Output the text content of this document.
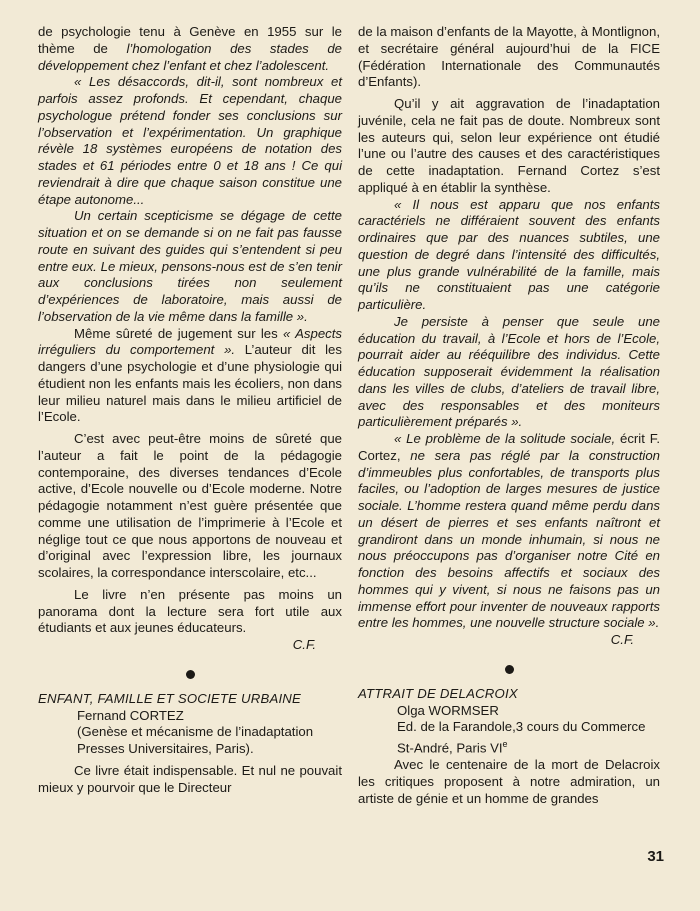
de psychologie tenu à Genève en 1955 sur le thème de l’homologation des stades de développement chez l’enfant et chez l’adolescent.

« Les désaccords, dit-il, sont nombreux et parfois assez profonds. Et cependant, chaque psychologue prétend fonder ses conclusions sur l’observation et l’expérimentation. Un graphique révèle 18 systèmes européens de notation des stades et 61 périodes entre 0 et 18 ans ! Ce qui reviendrait à dire que chaque saison constitue une étape autonome...

Un certain scepticisme se dégage de cette situation et on se demande si on ne fait pas fausse route en suivant des guides qui s’entendent si peu entre eux. Le mieux, pensons-nous est de s’en tenir aux conclusions tirées non seulement d’expériences de laboratoire, mais aussi de l’observation de la vie même dans la famille ».

Même sûreté de jugement sur les « Aspects irréguliers du comportement ». L’auteur dit les dangers d’une psychologie et d’une physiologie qui étudient non les enfants mais les écoliers, non dans leur milieu naturel mais dans le milieu artificiel de l’Ecole.

C’est avec peut-être moins de sûreté que l’auteur a fait le point de la pédagogie contemporaine, des diverses tendances d’Ecole active, d’Ecole nouvelle ou d’Ecole moderne. Notre pédagogie notamment n’est guère présentée que comme une utilisation de l’imprimerie à l’Ecole et néglige tout ce que nous apportons de nouveau et d’original avec l’expression libre, les journaux scolaires, la correspondance interscolaire, etc...

Le livre n’en présente pas moins un panorama dont la lecture sera fort utile aux étudiants et aux jeunes éducateurs.

C.F.

ENFANT, FAMILLE ET SOCIETE URBAINE

Fernand CORTEZ

(Genèse et mécanisme de l’inadaptation Presses Universitaires, Paris).

Ce livre était indispensable. Et nul ne pouvait mieux y pourvoir que le Directeur

de la maison d’enfants de la Mayotte, à Montlignon, et secrétaire général aujourd’hui de la FICE (Fédération Internationale des Communautés d’Enfants).

Qu’il y ait aggravation de l’inadaptation juvénile, cela ne fait pas de doute. Nombreux sont les auteurs qui, selon leur expérience ont étudié l’une ou l’autre des causes et des caractéristiques de cette inadaptation. Fernand Cortez s’est appliqué à en établir la synthèse.

« Il nous est apparu que nos enfants caractériels ne différaient souvent des enfants ordinaires que par des nuances subtiles, une question de degré dans l’intensité des difficultés, une plus grande vulnérabilité de la famille, mais qu’ils ne constituaient pas une catégorie particulière.

Je persiste à penser que seule une éducation du travail, à l’Ecole et hors de l’Ecole, pourrait aider au rééquilibre des individus. Cette éducation supposerait évidemment la réalisation dans les villes de clubs, d’ateliers de travail libre, avec des responsables et des moniteurs particulièrement préparés ».

« Le problème de la solitude sociale, écrit F. Cortez, ne sera pas réglé par la construction d’immeubles plus confortables, de transports plus faciles, ou l’adoption de larges mesures de justice sociale. L’homme restera quand même perdu dans un désert de pierres et ses enfants naîtront et grandiront dans un monde inhumain, si nous ne nous préoccupons pas d’organiser notre Cité en fonction des besoins affectifs et sociaux des hommes qui y vivent, si nous ne faisons pas un immense effort pour inventer de nouveaux rapports entre les hommes, une nouvelle structure sociale ».

C.F.

ATTRAIT DE DELACROIX

Olga WORMSER

Ed. de la Farandole,3 cours du Commerce

St-André, Paris VIe

Avec le centenaire de la mort de Delacroix les critiques proposent à notre admiration, un artiste de génie et un homme de grandes

31
